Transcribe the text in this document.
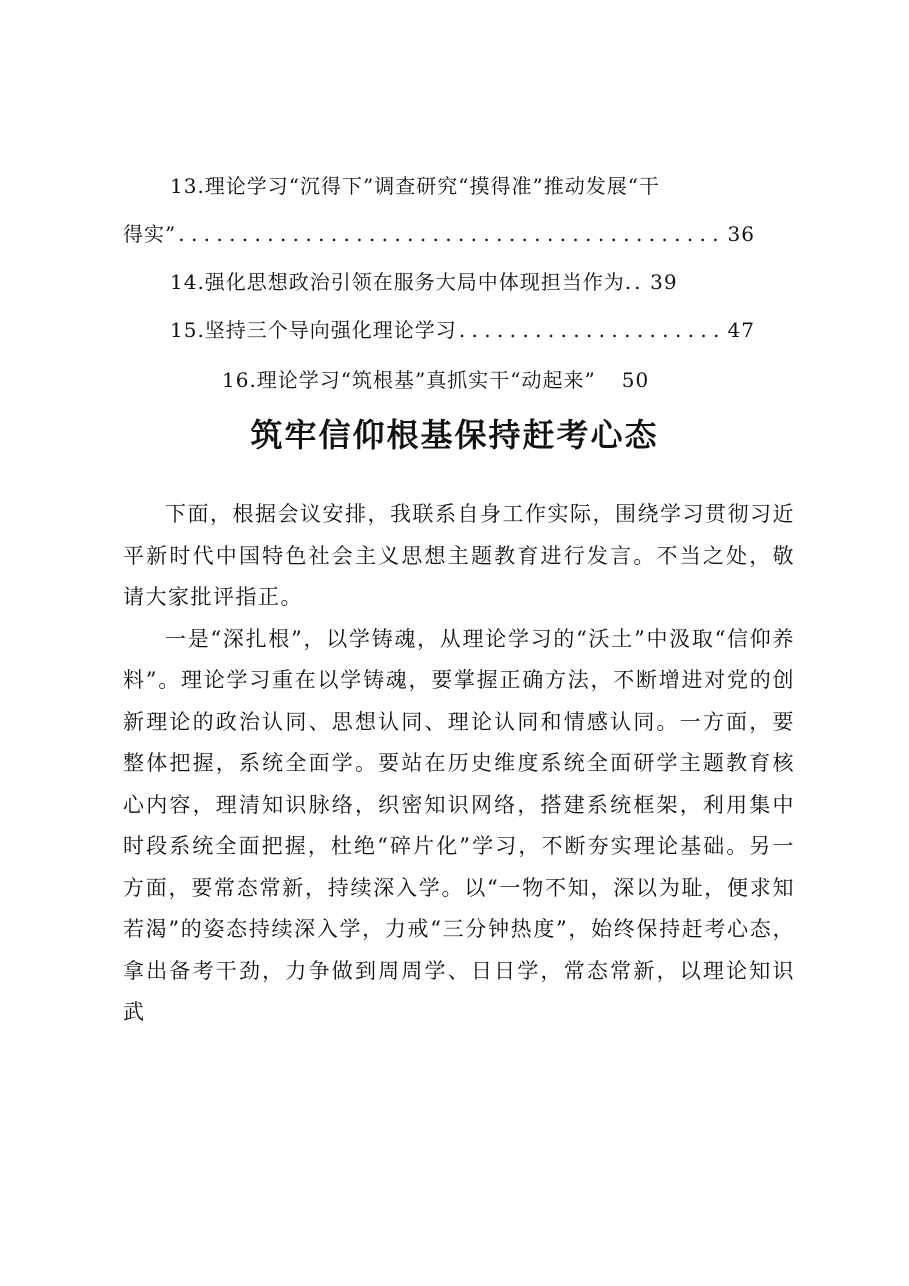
13.理论学习“沉得下”调查研究“摸得准”推动发展“干
得实” . . .	36
14.强化思想政治引领在服务大局中体现担当作为. . . . 39
15.坚持三个导向强化理论学习 . . .	47
16.理论学习“筑根基”真抓实干“动起来” 50
筑牢信仰根基保持赶考心态

下面，根据会议安排，我联系自身工作实际，围绕学习贯彻习近平新时代中国特色社会主义思想主题教育进行发言。不当之处，敬请大家批评指正。

一是“深扎根”，以学铸魂，从理论学习的“沃土”中汲取“信仰养料”。理论学习重在以学铸魂，要掌握正确方法，不断增进对党的创新理论的政治认同、思想认同、理论认同和情感认同。一方面，要整体把握，系统全面学。要站在历史维度系统全面研学主题教育核心内容，理清知识脉络，织密知识网络，搭建系统框架，利用集中时段系统全面把握，杜绝“碎片化”学习，不断夯实理论基础。另一方面，要常态常新，持续深入学。以“一物不知，深以为耻，便求知若渴”的姿态持续深入学，力戒“三分钟热度”，始终保持赶考心态，拿出备考干劲，力争做到周周学、日日学，常态常新，以理论知识武
